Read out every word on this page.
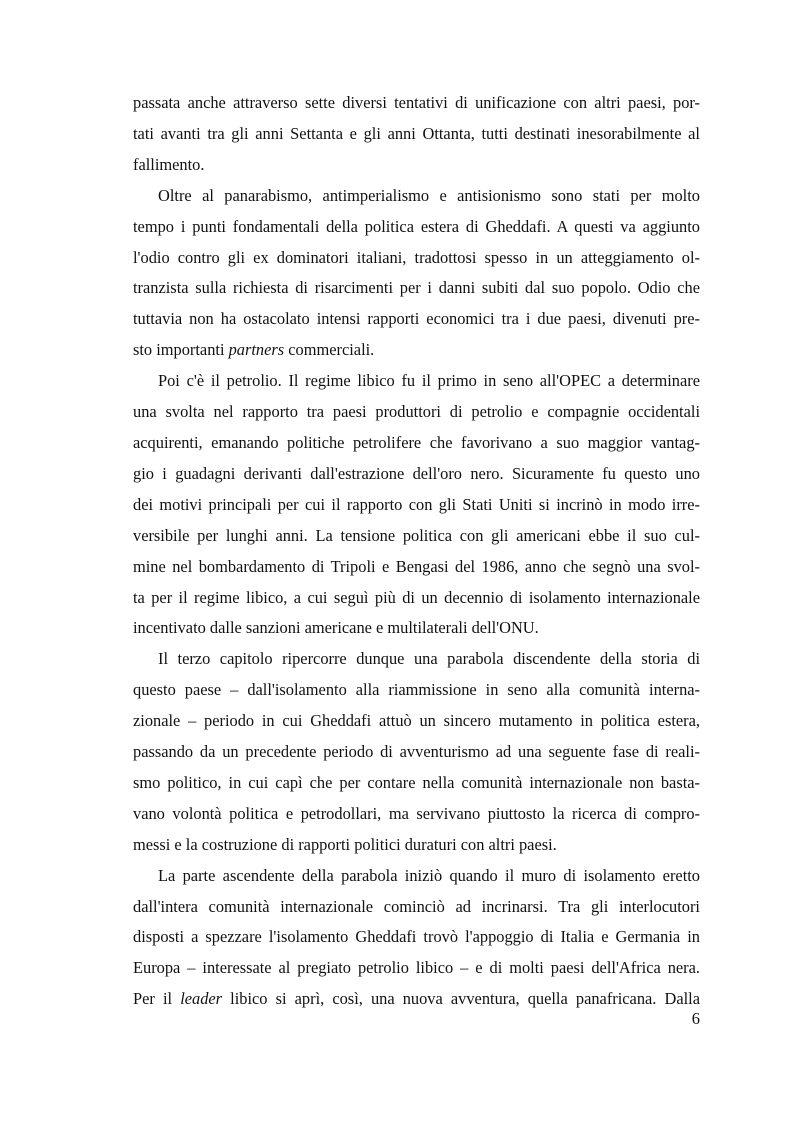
passata anche attraverso sette diversi tentativi di unificazione con altri paesi, por-
tati avanti tra gli anni Settanta e gli anni Ottanta, tutti destinati inesorabilmente al
fallimento.

Oltre al panarabismo, antimperialismo e antisionismo sono stati per molto
tempo i punti fondamentali della politica estera di Gheddafi. A questi va aggiunto
l'odio contro gli ex dominatori italiani, tradottosi spesso in un atteggiamento ol-
tranzista sulla richiesta di risarcimenti per i danni subiti dal suo popolo. Odio che
tuttavia non ha ostacolato intensi rapporti economici tra i due paesi, divenuti pre-
sto importanti partners commerciali.

Poi c'è il petrolio. Il regime libico fu il primo in seno all'OPEC a determinare
una svolta nel rapporto tra paesi produttori di petrolio e compagnie occidentali
acquirenti, emanando politiche petrolifere che favorivano a suo maggior vantag-
gio i guadagni derivanti dall'estrazione dell'oro nero. Sicuramente fu questo uno
dei motivi principali per cui il rapporto con gli Stati Uniti si incrinò in modo irre-
versibile per lunghi anni. La tensione politica con gli americani ebbe il suo cul-
mine nel bombardamento di Tripoli e Bengasi del 1986, anno che segnò una svol-
ta per il regime libico, a cui seguì più di un decennio di isolamento internazionale
incentivato dalle sanzioni americane e multilaterali dell'ONU.

Il terzo capitolo ripercorre dunque una parabola discendente della storia di
questo paese – dall'isolamento alla riammissione in seno alla comunità interna-
zionale – periodo in cui Gheddafi attuò un sincero mutamento in politica estera,
passando da un precedente periodo di avventurismo ad una seguente fase di reali-
smo politico, in cui capì che per contare nella comunità internazionale non basta-
vano volontà politica e petrodollari, ma servivano piuttosto la ricerca di compro-
messi e la costruzione di rapporti politici duraturi con altri paesi.

La parte ascendente della parabola iniziò quando il muro di isolamento eretto
dall'intera comunità internazionale cominciò ad incrinarsi. Tra gli interlocutori
disposti a spezzare l'isolamento Gheddafi trovò l'appoggio di Italia e Germania in
Europa – interessate al pregiato petrolio libico – e di molti paesi dell'Africa nera.
Per il leader libico si aprì, così, una nuova avventura, quella panafricana. Dalla

6
